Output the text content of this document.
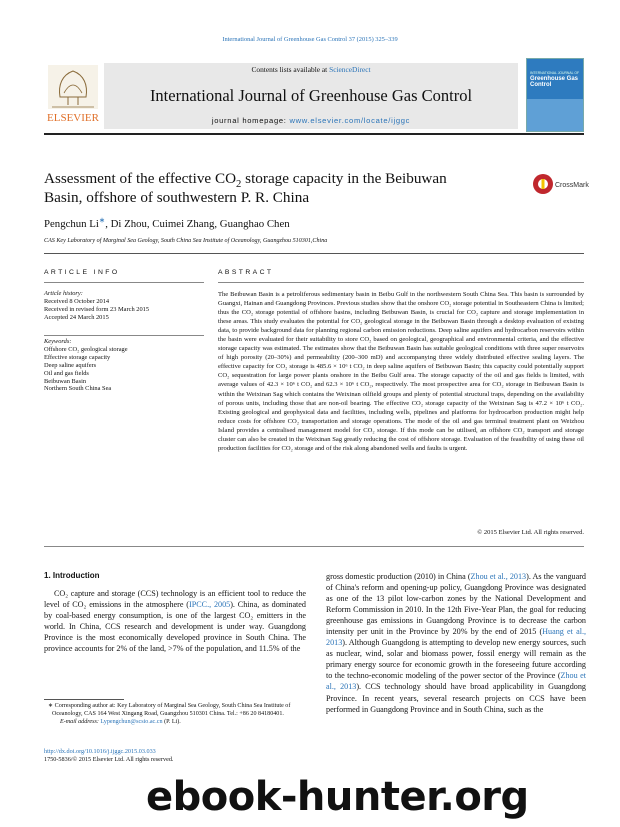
International Journal of Greenhouse Gas Control 37 (2015) 325–339
ELSEVIER
Contents lists available at ScienceDirect
International Journal of Greenhouse Gas Control
journal homepage: www.elsevier.com/locate/ijggc
INTERNATIONAL JOURNAL OF
Greenhouse Gas Control
Assessment of the effective $CO_2$ storage capacity in the Beibuwan
Basin, offshore of southwestern P. R. China
CrossMark
Pengchun Li∗, Di Zhou, Cuimei Zhang, Guanghao Chen
CAS Key Laboratory of Marginal Sea Geology, South China Sea Institute of Oceanology, Guangzhou 510301,China
ARTICLE INFO
Article history:
Received 8 October 2014
Received in revised form 23 March 2015
Accepted 24 March 2015
Keywords:
Offshore CO₂ geological storage
Effective storage capacity
Deep saline aquifers
Oil and gas fields
Beibuwan Basin
Northern South China Sea
ABSTRACT

The Beibuwan Basin is a petroliferous sedimentary basin in Beibu Gulf in the northwestern South China Sea. This basin is surrounded by Guangxi, Hainan and Guangdong Provinces. Previous studies show that the onshore CO₂ storage potential in Southeastern China is limited; thus the CO₂ storage potential of offshore basins, including Beibuwan Basin, is crucial for CO₂ capture and storage implementation in these areas. This study evaluates the potential for CO₂ geological storage in the Beibuwan Basin through a desktop evaluation of existing data, to provide background data for planning regional carbon emission reductions. Deep saline aquifers and hydrocarbon reservoirs within the basin were evaluated for their suitability to store CO₂ based on geological, geographical and environmental criteria, and the effective storage capacity was estimated. The estimates show that the Beibuwan Basin has suitable geological conditions with three super reservoirs of high porosity (20–30%) and permeability (200–300 mD) and accompanying three widely distributed effective sealing layers. The effective capacity for CO₂ storage is 485.6 × 10⁶ t CO₂ in deep saline aquifers of Beibuwan Basin; this capacity could potentially support CO₂ sequestration for large power plants onshore in the Beibu Gulf area. The storage capacity of the oil and gas fields is limited, with average values of 42.3 × 10⁶ t CO₂ and 62.3 × 10⁶ t CO₂, respectively. The most prospective area for CO₂ storage in Beibuwan Basin is within the Weixinan Sag which contains the Weixinan oilfield groups and plenty of potential structural traps, depending on the availability of porous units, including those that are non-oil bearing. The effective CO₂ storage capacity of the Weixinan Sag is 47.2 × 10⁶ t CO₂. Existing geological and geophysical data and facilities, including wells, pipelines and platforms for hydrocarbon production might help reduce costs for offshore CO₂ transportation and storage operations. The mode of the oil and gas terminal treatment plant on Weizhou Island provides a centralised management model for CO₂ storage. If this mode can be utilised, an offshore CO₂ transport and storage cluster can also be created in the Weixinan Sag greatly reducing the cost of offshore storage. Evaluation of the feasibility of using these oil production facilities for CO₂ storage and of the risk along abandoned wells and faults is urgent.

© 2015 Elsevier Ltd. All rights reserved.
1. Introduction

CO₂ capture and storage (CCS) technology is an efficient tool to reduce the level of CO₂ emissions in the atmosphere (IPCC., 2005). China, as dominated by coal-based energy consumption, is one of the largest CO₂ emitters in the world. In China, CCS research and development is under way. Guangdong Province is the most economically developed province in South China. The province accounts for 2% of the land, >7% of the population, and 11.5% of the

gross domestic production (2010) in China (Zhou et al., 2013). As the vanguard of China's reform and opening-up policy, Guangdong Province was designated as one of the 13 pilot low-carbon zones by the National Development and Reform Commission in 2010. In the 12th Five-Year Plan, the goal for reducing greenhouse gas emissions in Guangdong Province is to decrease the carbon intensity per unit in the Province by 20% by the end of 2015 (Huang et al., 2013). Although Guangdong is attempting to develop new energy sources, such as nuclear, wind, solar and biomass power, fossil energy will remain as the primary energy source for economic growth in the foreseeing future according to the techno-economic modeling of the power sector of the Province (Zhou et al., 2013). CCS technology should have broad applicability in Guangdong Province. In recent years, several research projects on CCS have been performed in Guangdong Province and in South China, such as the

∗ Corresponding author at: Key Laboratory of Marginal Sea Geology, South China Sea Institute of Oceanology, CAS 164 West Xingang Road, Guangzhou 510301 China. Tel.: +86 20 84180401.
E-mail address: Lypengchun@scsio.ac.cn (P. Li).
http://dx.doi.org/10.1016/j.ijggc.2015.03.033
1750-5836/© 2015 Elsevier Ltd. All rights reserved.
ebook-hunter.org
